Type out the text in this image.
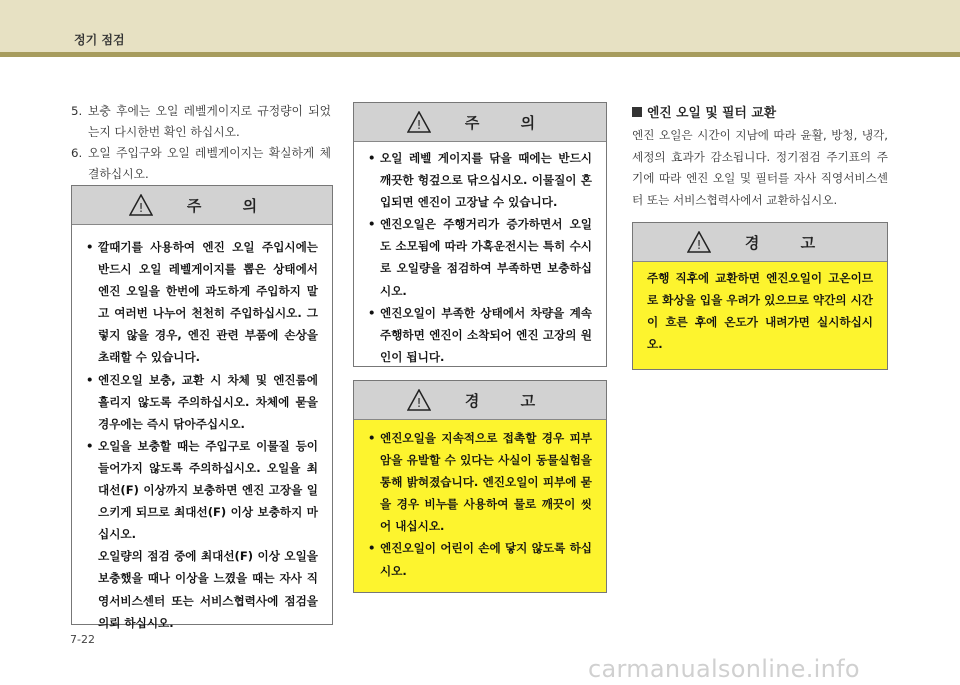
정기 점검
5. 보충 후에는 오일 레벨게이지로 규정량이 되었는지 다시한번 확인 하십시오.
6. 오일 주입구와 오일 레벨게이지는 확실하게 체결하십시오.
!	주 의
• 깔때기를 사용하여 엔진 오일 주입시에는 반드시 오일 레벨게이지를 뽑은 상태에서 엔진 오일을 한번에 과도하게 주입하지 말고 여러번 나누어 천천히 주입하십시오. 그렇지 않을 경우, 엔진 관련 부품에 손상을 초래할 수 있습니다.
• 엔진오일 보충, 교환 시 차체 및 엔진룸에 흘리지 않도록 주의하십시오. 차체에 묻을 경우에는 즉시 닦아주십시오.
• 오일을 보충할 때는 주입구로 이물질 등이 들어가지 않도록 주의하십시오. 오일을 최대선(F) 이상까지 보충하면 엔진 고장을 일으키게 되므로 최대선(F) 이상 보충하지 마십시오.
오일량의 점검 중에 최대선(F) 이상 오일을 보충했을 때나 이상을 느꼈을 때는 자사 직영서비스센터 또는 서비스협력사에 점검을 의뢰 하십시오.
!	주 의
• 오일 레벨 게이지를 닦을 때에는 반드시 깨끗한 헝겊으로 닦으십시오. 이물질이 혼입되면 엔진이 고장날 수 있습니다.
• 엔진오일은 주행거리가 증가하면서 오일도 소모됨에 따라 가혹운전시는 특히 수시로 오일량을 점검하여 부족하면 보충하십시오.
• 엔진오일이 부족한 상태에서 차량을 계속 주행하면 엔진이 소착되어 엔진 고장의 원인이 됩니다.
!	경 고
• 엔진오일을 지속적으로 접촉할 경우 피부암을 유발할 수 있다는 사실이 동물실험을 통해 밝혀졌습니다. 엔진오일이 피부에 묻을 경우 비누를 사용하여 물로 깨끗이 씻어 내십시오.
• 엔진오일이 어린이 손에 닿지 않도록 하십시오.
엔진 오일 및 필터 교환
엔진 오일은 시간이 지남에 따라 윤활, 방청, 냉각, 세정의 효과가 감소됩니다. 정기점검 주기표의 주기에 따라 엔진 오일 및 필터를 자사 직영서비스센터 또는 서비스협력사에서 교환하십시오.
!	경 고
주행 직후에 교환하면 엔진오일이 고온이므로 화상을 입을 우려가 있으므로 약간의 시간이 흐른 후에 온도가 내려가면 실시하십시오.
7-22
carmanualsonline.info
